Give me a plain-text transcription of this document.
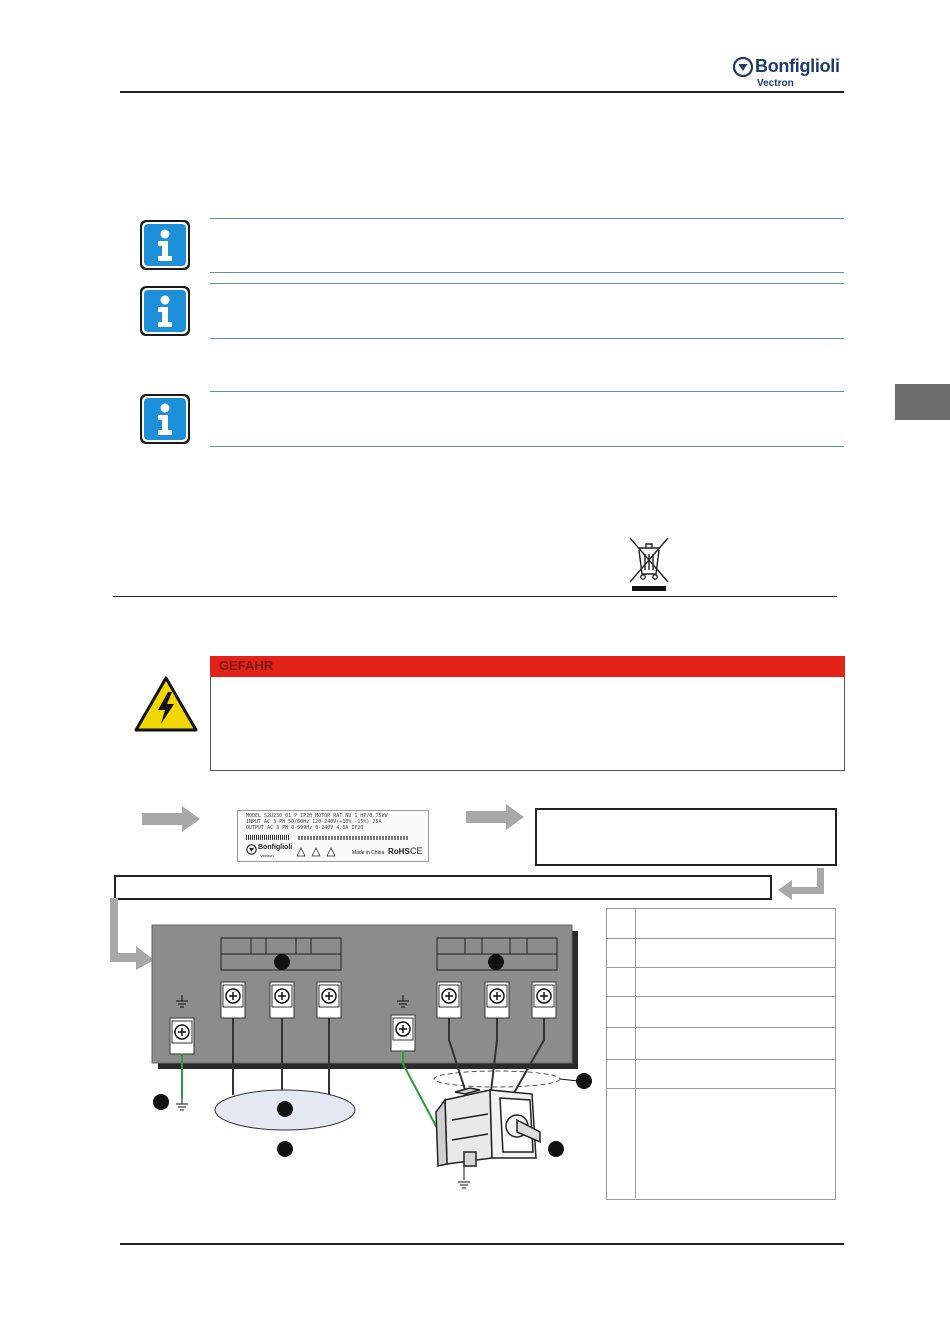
Bonfiglioli
Vectron
GEFAHR
MODEL S2U230 01 P IP20 MOTOR RAT NU 1 HP/0.75kW
INPUT AC 3 PH 50/60Hz 120-240V(+10% -15%) 25A
OUTPUT AC 3 PH 0-599Hz 0-240V 4.5A IP20
Bonfiglioli
Vectron	Made in China RoHS CE
